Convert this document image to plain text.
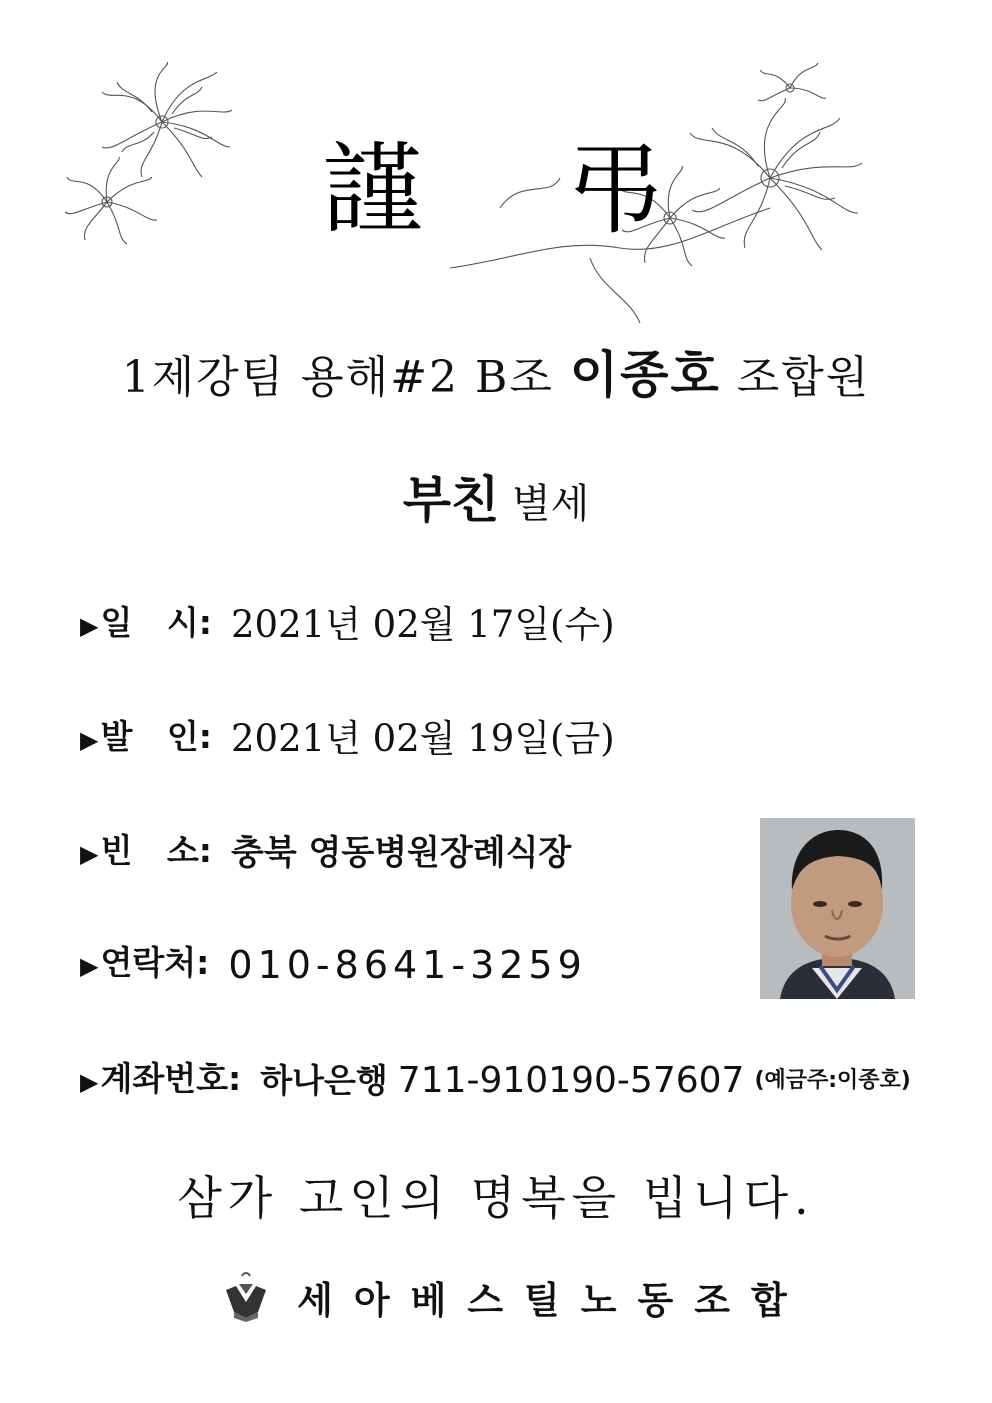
謹 弔
1제강팀 용해#2 B조 이종호 조합원
부친 별세
▶일   시: 2021년 02월 17일(수)
▶발   인: 2021년 02월 19일(금)
▶빈   소: 충북 영동병원장례식장
▶연락처: 010-8641-3259
▶계좌번호: 하나은행 711-910190-57607 (예금주:이종호)
삼가 고인의 명복을 빕니다.
세아베스틸노동조합
